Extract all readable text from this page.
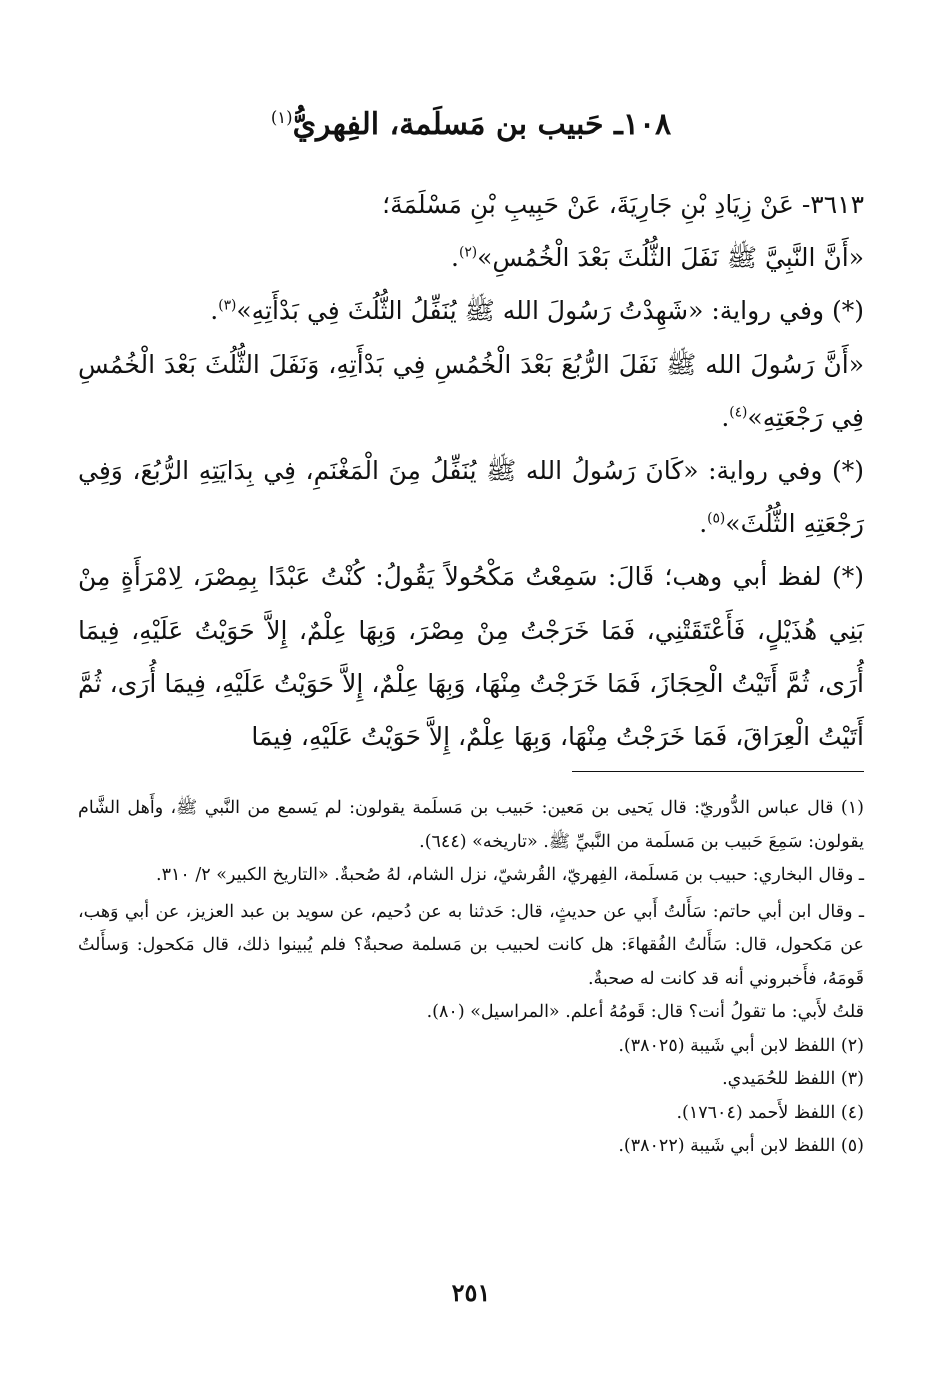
١٠٨ـ حَبيب بن مَسلَمة، الفِهريُّ$^{(١)}$

٣٦١٣- عَنْ زِيَادِ بْنِ جَارِيَةَ، عَنْ حَبِيبِ بْنِ مَسْلَمَةَ؛

«أَنَّ النَّبِيَّ ﷺ نَفَلَ الثُّلُثَ بَعْدَ الْخُمُسِ»$^{(٢)}$.

(*) وفي رواية: «شَهِدْتُ رَسُولَ الله ﷺ يُنَفِّلُ الثُّلُثَ فِي بَدْأَتِهِ»$^{(٣)}$.

«أَنَّ رَسُولَ الله ﷺ نَفَلَ الرُّبُعَ بَعْدَ الْخُمُسِ فِي بَدْأَتِهِ، وَنَفَلَ الثُّلُثَ بَعْدَ الْخُمُسِ فِي رَجْعَتِهِ»$^{(٤)}$.

(*) وفي رواية: «كَانَ رَسُولُ الله ﷺ يُنَفِّلُ مِنَ الْمَغْنَمِ، فِي بِدَايَتِهِ الرُّبُعَ، وَفِي رَجْعَتِهِ الثُّلُثَ»$^{(٥)}$.

(*) لفظ أبي وهب؛ قَالَ: سَمِعْتُ مَكْحُولاً يَقُولُ: كُنْتُ عَبْدًا بِمِصْرَ، لِامْرَأَةٍ مِنْ بَنِي هُذَيْلٍ، فَأَعْتَقَتْنِي، فَمَا خَرَجْتُ مِنْ مِصْرَ، وَبِهَا عِلْمٌ، إِلاَّ حَوَيْتُ عَلَيْهِ، فِيمَا أُرَى، ثُمَّ أَتَيْتُ الْحِجَازَ، فَمَا خَرَجْتُ مِنْهَا، وَبِهَا عِلْمٌ، إِلاَّ حَوَيْتُ عَلَيْهِ، فِيمَا أُرَى، ثُمَّ أَتَيْتُ الْعِرَاقَ، فَمَا خَرَجْتُ مِنْهَا، وَبِهَا عِلْمٌ، إِلاَّ حَوَيْتُ عَلَيْهِ، فِيمَا

(١) قال عباس الدُّوريّ: قال يَحيى بن مَعين: حَبيب بن مَسلَمة يقولون: لم يَسمع من النَّبي ﷺ، وأَهل الشَّام يقولون: سَمِعَ حَبيب بن مَسلَمة من النَّبيِّ ﷺ. «تاريخه» (٦٤٤).

ـ وقال البخاري: حبيب بن مَسلَمة، الفِهريّ، القُرشيّ، نزل الشام، لهُ صُحبةٌ. «التاريخ الكبير» ٢/ ٣١٠.

ـ وقال ابن أبي حاتم: سَأَلتُ أَبي عن حديثٍ، قال: حَدثنا به عن دُحيم، عن سويد بن عبد العزيز، عن أبي وَهب، عن مَكحول، قال: سَأَلتُ الفُقهاءَ: هل كانت لحبيب بن مَسلمة صحبةٌ؟ فلم يُبينوا ذلك، قال مَكحول: وَسأَلتُ قَومَهُ، فأَخبروني أنه قد كانت له صحبةٌ.

قلتُ لأَبي: ما تقولُ أنت؟ قال: قَومُهُ أعلم. «المراسيل» (٨٠).

(٢) اللفظ لابن أبي شَيبة (٣٨٠٢٥).

(٣) اللفظ للحُمَيدي.

(٤) اللفظ لأَحمد (١٧٦٠٤).

(٥) اللفظ لابن أبي شَيبة (٣٨٠٢٢).

٢٥١
